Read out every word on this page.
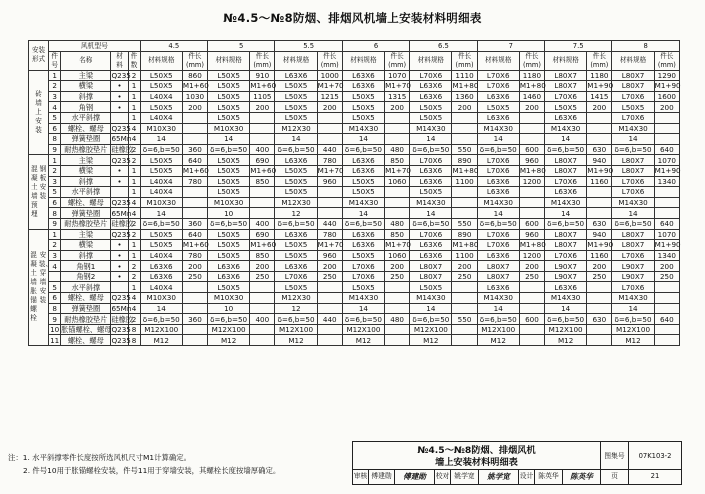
№4.5～№8防烟、排烟风机墙上安装材料明细表
安装形式	风机型号				4.5		5		5.5		6		6.5		7		7.5		8	
	件号	名称	材料	件数	材料规格	件长(mm)	材料规格	件长(mm)	材料规格	件长(mm)	材料规格	件长(mm)	材料规格	件长(mm)	材料规格	件长(mm)	材料规格	件长(mm)	材料规格	件长(mm)

砖墙上安装	1	主梁	Q235	2	L50X5	860	L50X5	910	L63X6	1000	L63X6	1070	L70X6	1110	L70X6	1180	L80X7	1180	L80X7	1290
	2	横梁	•	1	L50X5	M1+60	L50X5	M1+60	L50X5	M1+70	L63X6	M1+70	L63X6	M1+80	L70X6	M1+80	L80X7	M1+90	L80X7	M1+90
	3	斜撑	•	1	L40X4	1030	L50X5	1105	L50X5	1215	L50X5	1315	L63X6	1360	L63X6	1460	L70X6	1415	L70X6	1600
	4	角钢	•	1	L50X5	200	L50X5	200	L50X5	200	L50X5	200	L50X5	200	L50X5	200	L50X5	200	L50X5	200
	5	水平斜撑		1	L40X4		L50X5		L50X5		L50X5		L50X5		L63X6		L63X6		L70X6	
	6	螺栓、螺母	Q235	4	M10X30		M10X30		M12X30		M14X30		M14X30		M14X30		M14X30		M14X30	
	8	弹簧垫圈	65Mn	4	14		14		14		14		14		14		14		14	
	9	耐热橡胶垫片	硅橡胶	2	δ=6,b=50	360	δ=6,b=50	400	δ=6,b=50	440	δ=6,b=50	480	δ=6,b=50	550	δ=6,b=50	600	δ=6,b=50	630	δ=6,b=50	640

混凝土墙预埋
钢板安装	1	主梁	Q235	2	L50X5	640	L50X5	690	L63X6	780	L63X6	850	L70X6	890	L70X6	960	L80X7	940	L80X7	1070
	2	横梁	•	1	L50X5	M1+60	L50X5	M1+60	L50X5	M1+70	L63X6	M1+70	L63X6	M1+80	L70X6	M1+80	L80X7	M1+90	L80X7	M1+90
	3	斜撑	•	1	L40X4	780	L50X5	850	L50X5	960	L50X5	1060	L63X6	1100	L63X6	1200	L70X6	1160	L70X6	1340
	5	水平斜撑		1	L40X4		L50X5		L50X5		L50X5		L50X5		L63X6		L63X6		L70X6	
	6	螺栓、螺母	Q235	4	M10X30		M10X30		M12X30		M14X30		M14X30		M14X30		M14X30		M14X30	
	8	弹簧垫圈	65Mn	4	14		10		12		14		14		14		14		14	
	9	耐热橡胶垫片	硅橡胶	2	δ=6,b=50	360	δ=6,b=50	400	δ=6,b=50	440	δ=6,b=50	480	δ=6,b=50	550	δ=6,b=50	600	δ=6,b=50	630	δ=6,b=50	640

混凝土墙胀锚螺栓
安装、穿墙安装	1	主梁	Q235	2	L50X5	640	L50X5	690	L63X6	780	L63X6	850	L70X6	890	L70X6	960	L80X7	940	L80X7	1070
	2	横梁	•	1	L50X5	M1+60	L50X5	M1+60	L50X5	M1+70	L63X6	M1+70	L63X6	M1+80	L70X6	M1+80	L80X7	M1+90	L80X7	M1+90
	3	斜撑	•	1	L40X4	780	L50X5	850	L50X5	960	L50X5	1060	L63X6	1100	L63X6	1200	L70X6	1160	L70X6	1340
	4	角钢1	•	2	L63X6	200	L63X6	200	L63X6	200	L70X6	200	L80X7	200	L80X7	200	L90X7	200	L90X7	200
		角钢2	•	2	L63X6	250	L63X6	250	L70X6	250	L70X6	250	L80X7	250	L80X7	250	L90X7	250	L90X7	250
	5	水平斜撑		1	L40X4		L50X5		L50X5		L50X5		L50X5		L63X6		L63X6		L70X6	
	6	螺栓、螺母	Q235	4	M10X30		M10X30		M12X30		M14X30		M14X30		M14X30		M14X30		M14X30	
	8	弹簧垫圈	65Mn	4	14		10		12		14		14		14		14		14	
	9	耐热橡胶垫片	硅橡胶	2	δ=6,b=50	360	δ=6,b=50	400	δ=6,b=50	440	δ=6,b=50	480	δ=6,b=50	550	δ=6,b=50	600	δ=6,b=50	630	δ=6,b=50	640
	10	胀锚螺栓、螺母	Q235	8	M12X100		M12X100		M12X100		M12X100		M12X100		M12X100		M12X100		M12X100	
	11	螺栓、螺母	Q235	8	M12		M12		M12		M12		M12		M12		M12		M12	
注：1. 水平斜撑零件长度按所选风机尺寸M1计算确定。
2. 件号10用于胀锚螺栓安装，件号11用于穿墙安装，其螺栓长度按墙厚确定。
№4.5～№8防烟、排烟风机
墙上安装材料明细表
图集号	07K103-2
审核 傅建勋	傅建勋	校对 姚学宽	姚学宽	设计 陈英华	陈英华	页	21
